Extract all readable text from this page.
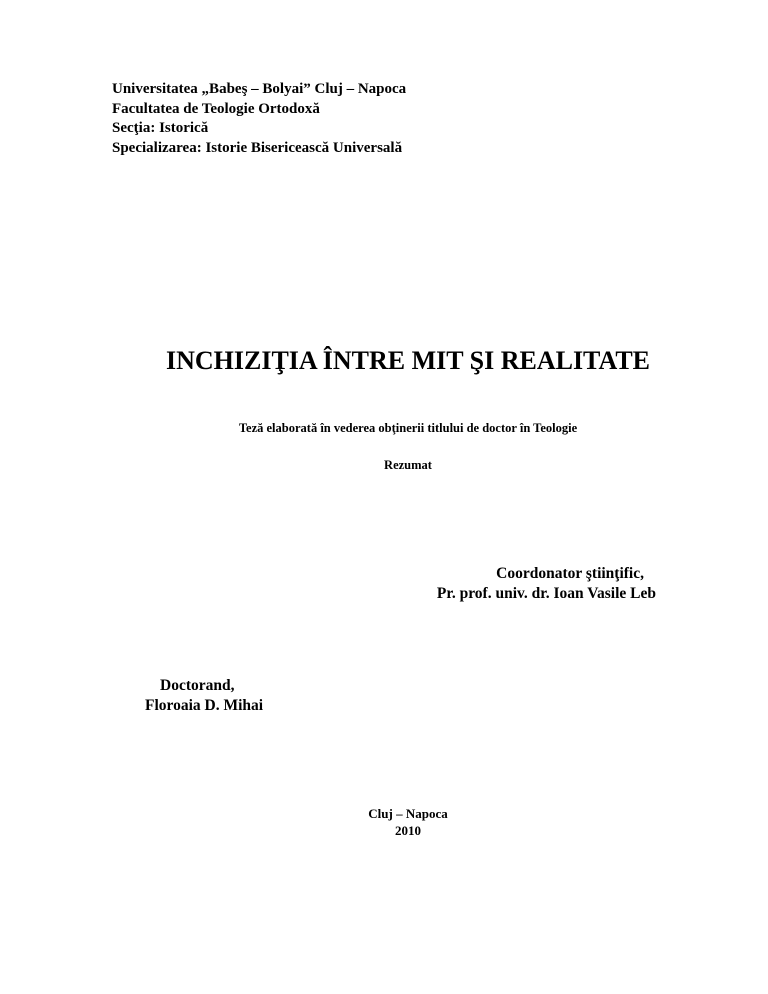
Universitatea „Babeş – Bolyai” Cluj – Napoca
Facultatea de Teologie Ortodoxă
Secţia: Istorică
Specializarea: Istorie Bisericească Universală
INCHIZIŢIA ÎNTRE MIT ŞI REALITATE
Teză elaborată în vederea obţinerii titlului de doctor în Teologie
Rezumat
Coordonator ştiinţific,
Pr. prof. univ. dr. Ioan Vasile Leb
Doctorand,
Floroaia D. Mihai
Cluj – Napoca
2010
